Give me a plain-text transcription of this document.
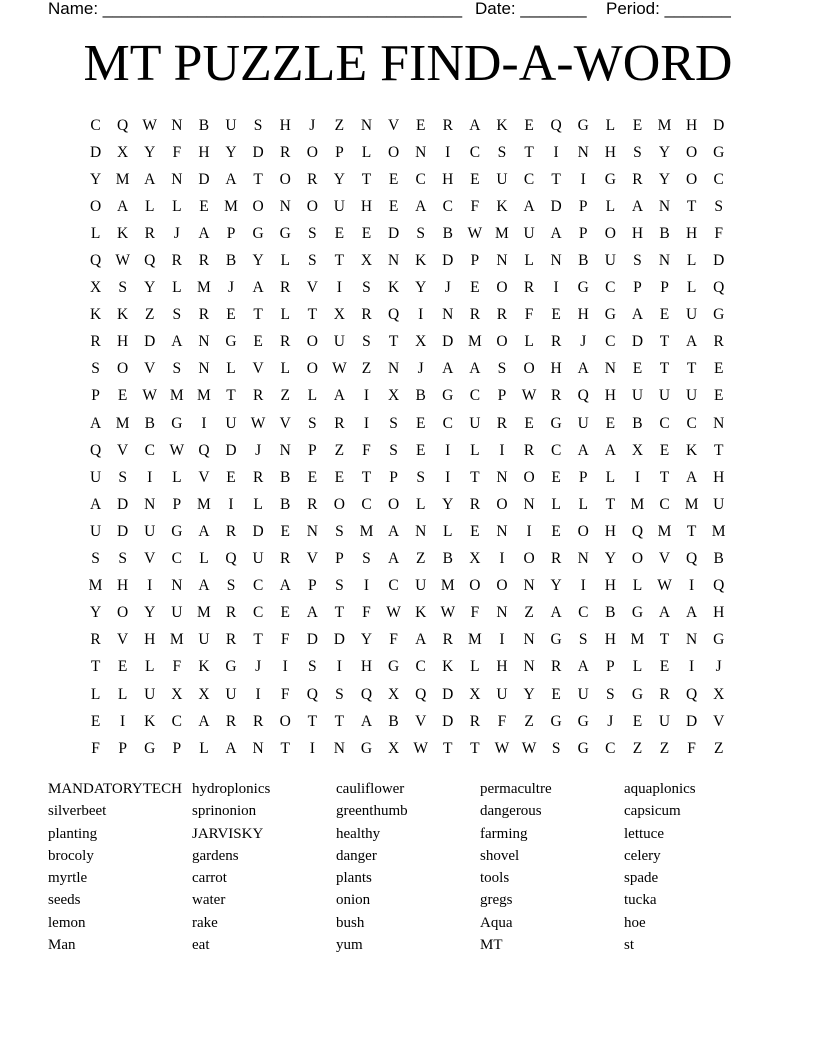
Name: ______________________________________ Date: _______ Period: _______
MT PUZZLE FIND-A-WORD
C	Q W N	B	U	S	H	J	Z	N	V	E	R	A	K	E	Q	G	L	E M H	D
D	X	Y	F	H	Y	D	R	O	P	L	O	N	I	C	S	T	I	N	H	S	Y	O	G
Y M A	N	D	A	T	O	R	Y	T	E	C	H	E	U	C	T	I	G	R	Y	O	C
O	A	L	L	E M O	N	O	U	H	E	A	C	F	K	A	D	P	L	A	N	T	S
L	K	R	J	A	P	G	G	S	E	E	D	S	B W M U	A	P	O	H	B	H	F
Q W Q	R	R	B	Y	L	S	T	X	N	K	D	P	N	L	N	B	U	S	N	L	D
X	S	Y	L M	J	A	R	V	I	S	K	Y	J	E	O	R	I	G	C	P	P	L	Q
K	K	Z	S	R	E	T	L	T	X	R	Q	I	N	R	R	F	E	H	G	A	E	U	G
R	H	D	A	N	G	E	R	O	U	S	T	X	D M O	L	R	J	C	D	T	A	R
S	O	V	S	N	L	V	L	O W Z	N	J	A	A	S	O	H	A	N	E	T	T	E
P	E W M M T	R	Z	L	A	I	X	B	G	C	P W R	Q	H	U	U	U	E
A M B	G	I	U W V	S	R	I	S	E	C	U	R	E	G	U	E	B	C	C	N
Q	V	C W Q	D	J	N	P	Z	F	S	E	I	L	I	R	C	A	A	X	E	K	T
U	S	I	L	V	E	R	B	E	E	T	P	S	I	T	N	O	E	P	L	I	T	A	H
A	D	N	P	M	I	L	B	R	O	C	O	L	Y	R	O	N	L	L	T M C M U
U	D	U	G	A	R	D	E	N	S	M A	N	L	E	N	I	E	O	H	Q M T M
S	S	V	C	L	Q	U	R	V	P	S	A	Z	B	X	I	O	R	N	Y	O	V	Q	B
M H	I	N	A	S	C	A	P	S	I	C	U M O	O	N	Y	I	H	L W	I	Q
Y	O	Y	U M R	C	E	A	T	F W K W F	N	Z	A	C	B	G	A	A	H
R	V	H M U	R	T	F	D	D	Y	F	A	R M	I	N	G	S	H M T	N	G
T	E	L	F	K	G	J	I	S	I	H	G	C	K	L	H	N	R	A	P	L	E	I	J
L	L	U	X	X	U	I	F	Q	S	Q	X	Q	D	X	U	Y	E	U	S	G	R	Q	X
E	I	K	C	A	R	R	O	T	T	A	B	V	D	R	F	Z	G	G	J	E	U	D	V
F	P	G	P	L	A	N	T	I	N	G	X W T	T W W S	G	C	Z	Z	F	Z
MANDATORYTECH
silverbeet
planting
brocoly
myrtle
seeds
lemon
Man
hydroplonics
sprinonion
JARVISKY
gardens
carrot
water
rake
eat
cauliflower
greenthumb
healthy
danger
plants
onion
bush
yum
permacultre
dangerous
farming
shovel
tools
gregs
Aqua
MT
aquaplonics
capsicum
lettuce
celery
spade
tucka
hoe
st
